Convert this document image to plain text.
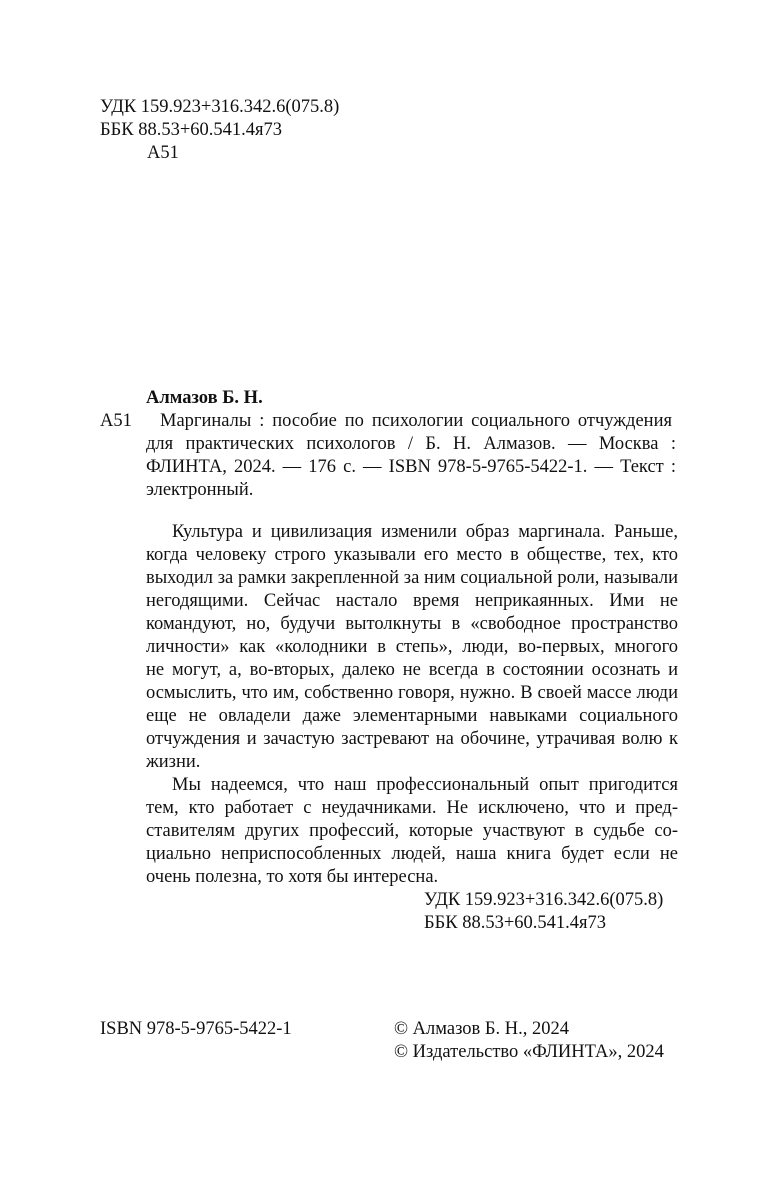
УДК 159.923+316.342.6(075.8)
ББК 88.53+60.541.4я73
А51
Алмазов Б. Н.
А51 Маргиналы : пособие по психологии социального отчуждения
для практических психологов / Б. Н. Алмазов. — Москва :
ФЛИНТА, 2024. — 176 с. — ISBN 978-5-9765-5422-1. — Текст :
электронный.
Культура и цивилизация изменили образ маргинала. Раньше,
когда человеку строго указывали его место в обществе, тех, кто
выходил за рамки закрепленной за ним социальной роли, называли
негодящими. Сейчас настало время неприкаянных. Ими не
командуют, но, будучи вытолкнуты в «свободное пространство
личности» как «колодники в степь», люди, во-первых, многого
не могут, а, во-вторых, далеко не всегда в состоянии осознать и
осмыслить, что им, собственно говоря, нужно. В своей массе люди
еще не овладели даже элементарными навыками социального
отчуждения и зачастую застревают на обочине, утрачивая волю к
жизни.
Мы надеемся, что наш профессиональный опыт пригодится
тем, кто работает с неудачниками. Не исключено, что и пред-
ставителям других профессий, которые участвуют в судьбе со-
циально неприспособленных людей, наша книга будет если не
очень полезна, то хотя бы интересна.
УДК 159.923+316.342.6(075.8)
ББК 88.53+60.541.4я73
ISBN 978-5-9765-5422-1	© Алмазов Б. Н., 2024
© Издательство «ФЛИНТА», 2024
